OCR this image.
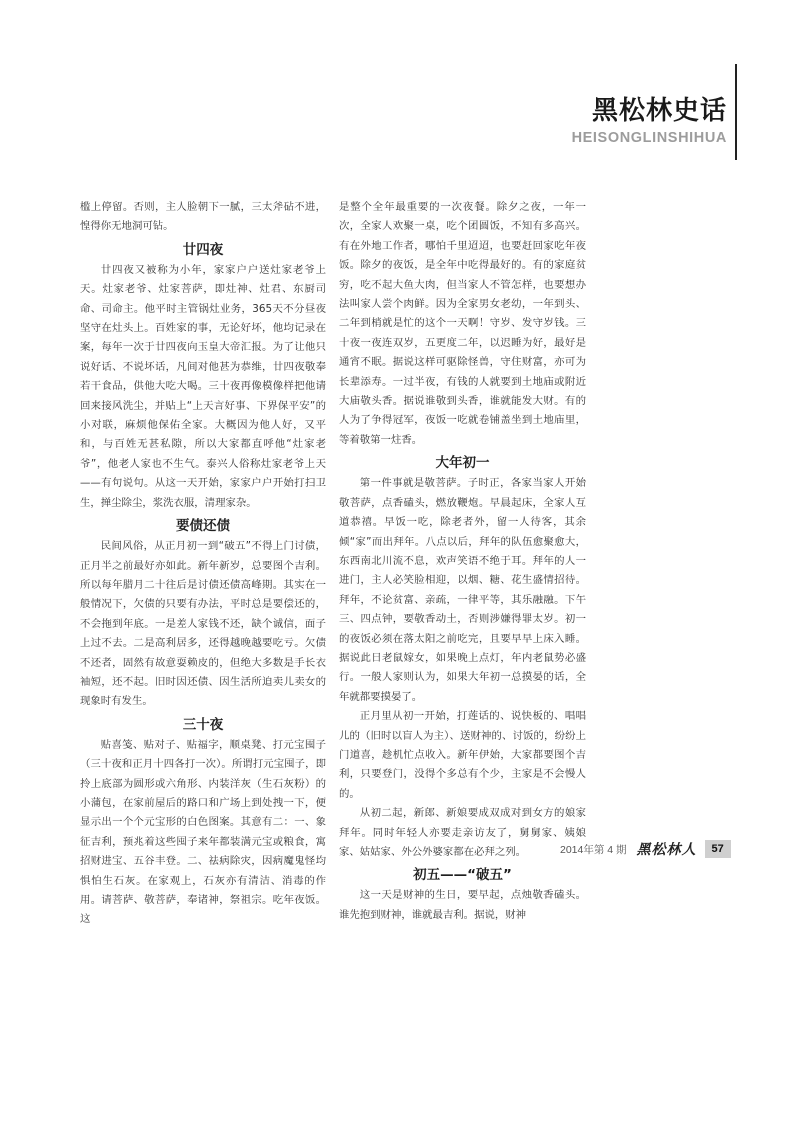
黑松林史话
HEISONGLINSHIHUA

槛上停留。否则，主人脸朝下一腻，三太斧砧不进，惶得你无地洞可钻。

廿四夜

廿四夜又被称为小年，家家户户送灶家老爷上天。灶家老爷、灶家菩萨，即灶神、灶君、东厨司命、司命主。他平时主管锅灶业务，365天不分昼夜坚守在灶头上。百姓家的事，无论好坏，他均记录在案，每年一次于廿四夜向玉皇大帝汇报。为了让他只说好话、不说坏话，凡间对他甚为恭维，廿四夜敬奉若干食品，供他大吃大喝。三十夜再像模像样把他请回来接风洗尘，并贴上“上天言好事、下界保平安”的小对联，麻烦他保佑全家。大概因为他人好，又平和，与百姓无甚私隙，所以大家都直呼他“灶家老爷”，他老人家也不生气。泰兴人俗称灶家老爷上天——有句说句。从这一天开始，家家户户开始打扫卫生，掸尘除尘，浆洗衣服，清理家杂。

要债还债

民间风俗，从正月初一到“破五”不得上门讨债，正月半之前最好亦如此。新年新岁，总要图个吉利。所以每年腊月二十往后是讨债还债高峰期。其实在一般情况下，欠债的只要有办法，平时总是要偿还的，不会拖到年底。一是差人家钱不还，缺个诚信，面子上过不去。二是高利居多，还得越晚越要吃亏。欠债不还者，固然有故意耍赖皮的，但绝大多数是手长衣袖短，还不起。旧时因还债、因生活所迫卖儿卖女的现象时有发生。

三十夜

贴喜笺、贴对子、贴福字，顺桌凳、打元宝囤子（三十夜和正月十四各打一次）。所谓打元宝囤子，即拎上底部为圆形或六角形、内装洋灰（生石灰粉）的小蒲包，在家前屋后的路口和广场上到处拽一下，便显示出一个个元宝形的白色图案。其意有二：一、象征吉利，预兆着这些囤子来年都装满元宝或粮食，寓招财进宝、五谷丰登。二、祛病除灾，因病魔鬼怪均惧怕生石灰。在家观上，石灰亦有清洁、消毒的作用。请菩萨、敬菩萨，奉诸神，祭祖宗。吃年夜饭。这

是整个全年最重要的一次夜餐。除夕之夜，一年一次，全家人欢聚一桌，吃个团圆饭，不知有多高兴。有在外地工作者，哪怕千里迢迢，也要赶回家吃年夜饭。除夕的夜饭，是全年中吃得最好的。有的家庭贫穷，吃不起大鱼大肉，但当家人不管怎样，也要想办法叫家人尝个肉鲜。因为全家男女老幼，一年到头、二年到梢就是忙的这个一天啊！守岁、发守岁钱。三十夜一夜连双岁，五更度二年，以迟睡为好，最好是通宵不眠。据说这样可驱除怪兽，守住财富，亦可为长辈添寿。一过半夜，有钱的人就要到土地庙或附近大庙敬头香。据说谁敬到头香，谁就能发大财。有的人为了争得冠军，夜饭一吃就卷铺盖坐到土地庙里，等着敬第一炷香。

大年初一

第一件事就是敬菩萨。子时正，各家当家人开始敬菩萨，点香磕头，燃放鞭炮。早晨起床，全家人互道恭禧。早饭一吃，除老者外，留一人待客，其余倾“家”而出拜年。八点以后，拜年的队伍愈聚愈大，东西南北川流不息，欢声笑语不绝于耳。拜年的人一进门，主人必笑脸相迎，以烟、糖、花生盛情招待。拜年，不论贫富、亲疏，一律平等，其乐融融。下午三、四点钟，要敬香动土，否则涉嫌得罪太岁。初一的夜饭必须在落太阳之前吃完，且要早早上床入睡。据说此日老鼠嫁女，如果晚上点灯，年内老鼠势必盛行。一般人家则认为，如果大年初一总摸晏的话，全年就都要摸晏了。

正月里从初一开始，打莲话的、说快板的、唱唱儿的（旧时以盲人为主）、送财神的、讨饭的，纷纷上门道喜，趁机忙点收入。新年伊始，大家都要图个吉利，只要登门，没得个多总有个少，主家是不会慢人的。

从初二起，新郎、新娘要成双成对到女方的娘家拜年。同时年轻人亦要走亲访友了，舅舅家、姨娘家、姑姑家、外公外婆家都在必拜之列。

初五——“破五”

这一天是财神的生日，要早起，点烛敬香磕头。谁先抱到财神，谁就最吉利。据说，财神

2014年第 4 期 黑松林人	57
